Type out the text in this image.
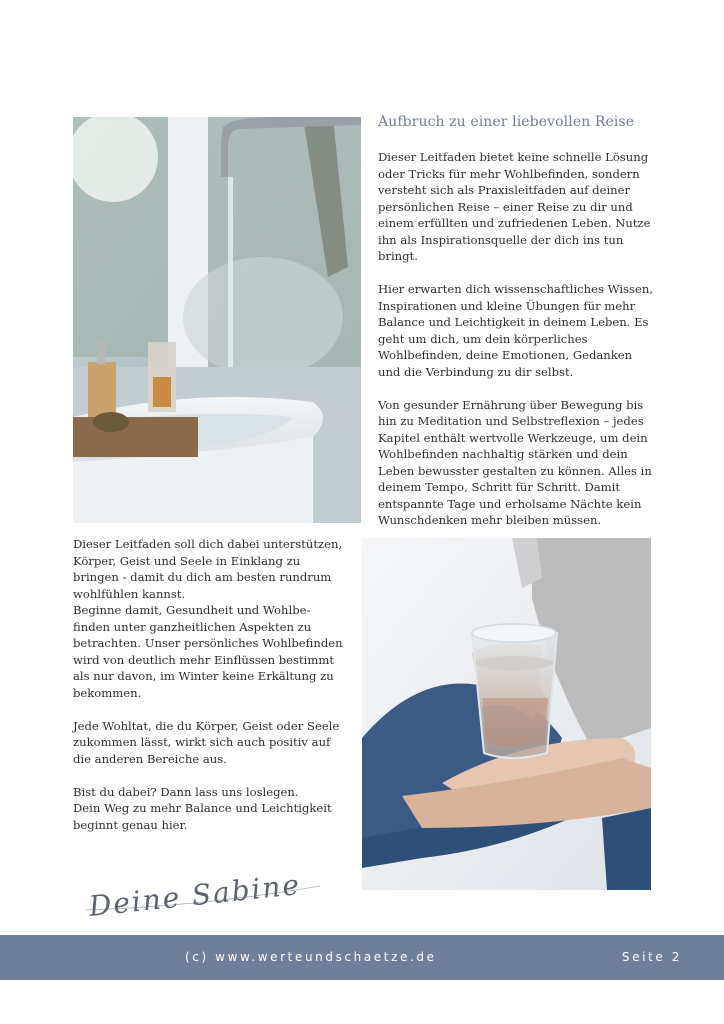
Aufbruch zu einer liebevollen Reise

Dieser Leitfaden bietet keine schnelle Lösung
oder Tricks für mehr Wohlbefinden, sondern
versteht sich als Praxisleitfaden auf deiner
persönlichen Reise – einer Reise zu dir und
einem erfüllten und zufriedenen Leben. Nutze
ihn als Inspirationsquelle der dich ins tun
bringt.

Hier erwarten dich wissenschaftliches Wissen,
Inspirationen und kleine Übungen für mehr
Balance und Leichtigkeit in deinem Leben. Es
geht um dich, um dein körperliches
Wohlbefinden, deine Emotionen, Gedanken
und die Verbindung zu dir selbst.

Von gesunder Ernährung über Bewegung bis
hin zu Meditation und Selbstreflexion – jedes
Kapitel enthält wertvolle Werkzeuge, um dein
Wohlbefinden nachhaltig stärken und dein
Leben bewusster gestalten zu können. Alles in
deinem Tempo, Schritt für Schritt. Damit
entspannte Tage und erholsame Nächte kein
Wunschdenken mehr bleiben müssen.

Dieser Leitfaden soll dich dabei unterstützen,
Körper, Geist und Seele in Einklang zu
bringen - damit du dich am besten rundrum
wohlfühlen kannst.
Beginne damit, Gesundheit und Wohlbe-
finden unter ganzheitlichen Aspekten zu
betrachten. Unser persönliches Wohlbefinden
wird von deutlich mehr Einflüssen bestimmt
als nur davon, im Winter keine Erkältung zu
bekommen.

Jede Wohltat, die du Körper, Geist oder Seele
zukommen lässt, wirkt sich auch positiv auf
die anderen Bereiche aus.

Bist du dabei? Dann lass uns loslegen.
Dein Weg zu mehr Balance und Leichtigkeit
beginnt genau hier.

Deine Sabine
(c) www.werteundschaetze.de	Seite 2
